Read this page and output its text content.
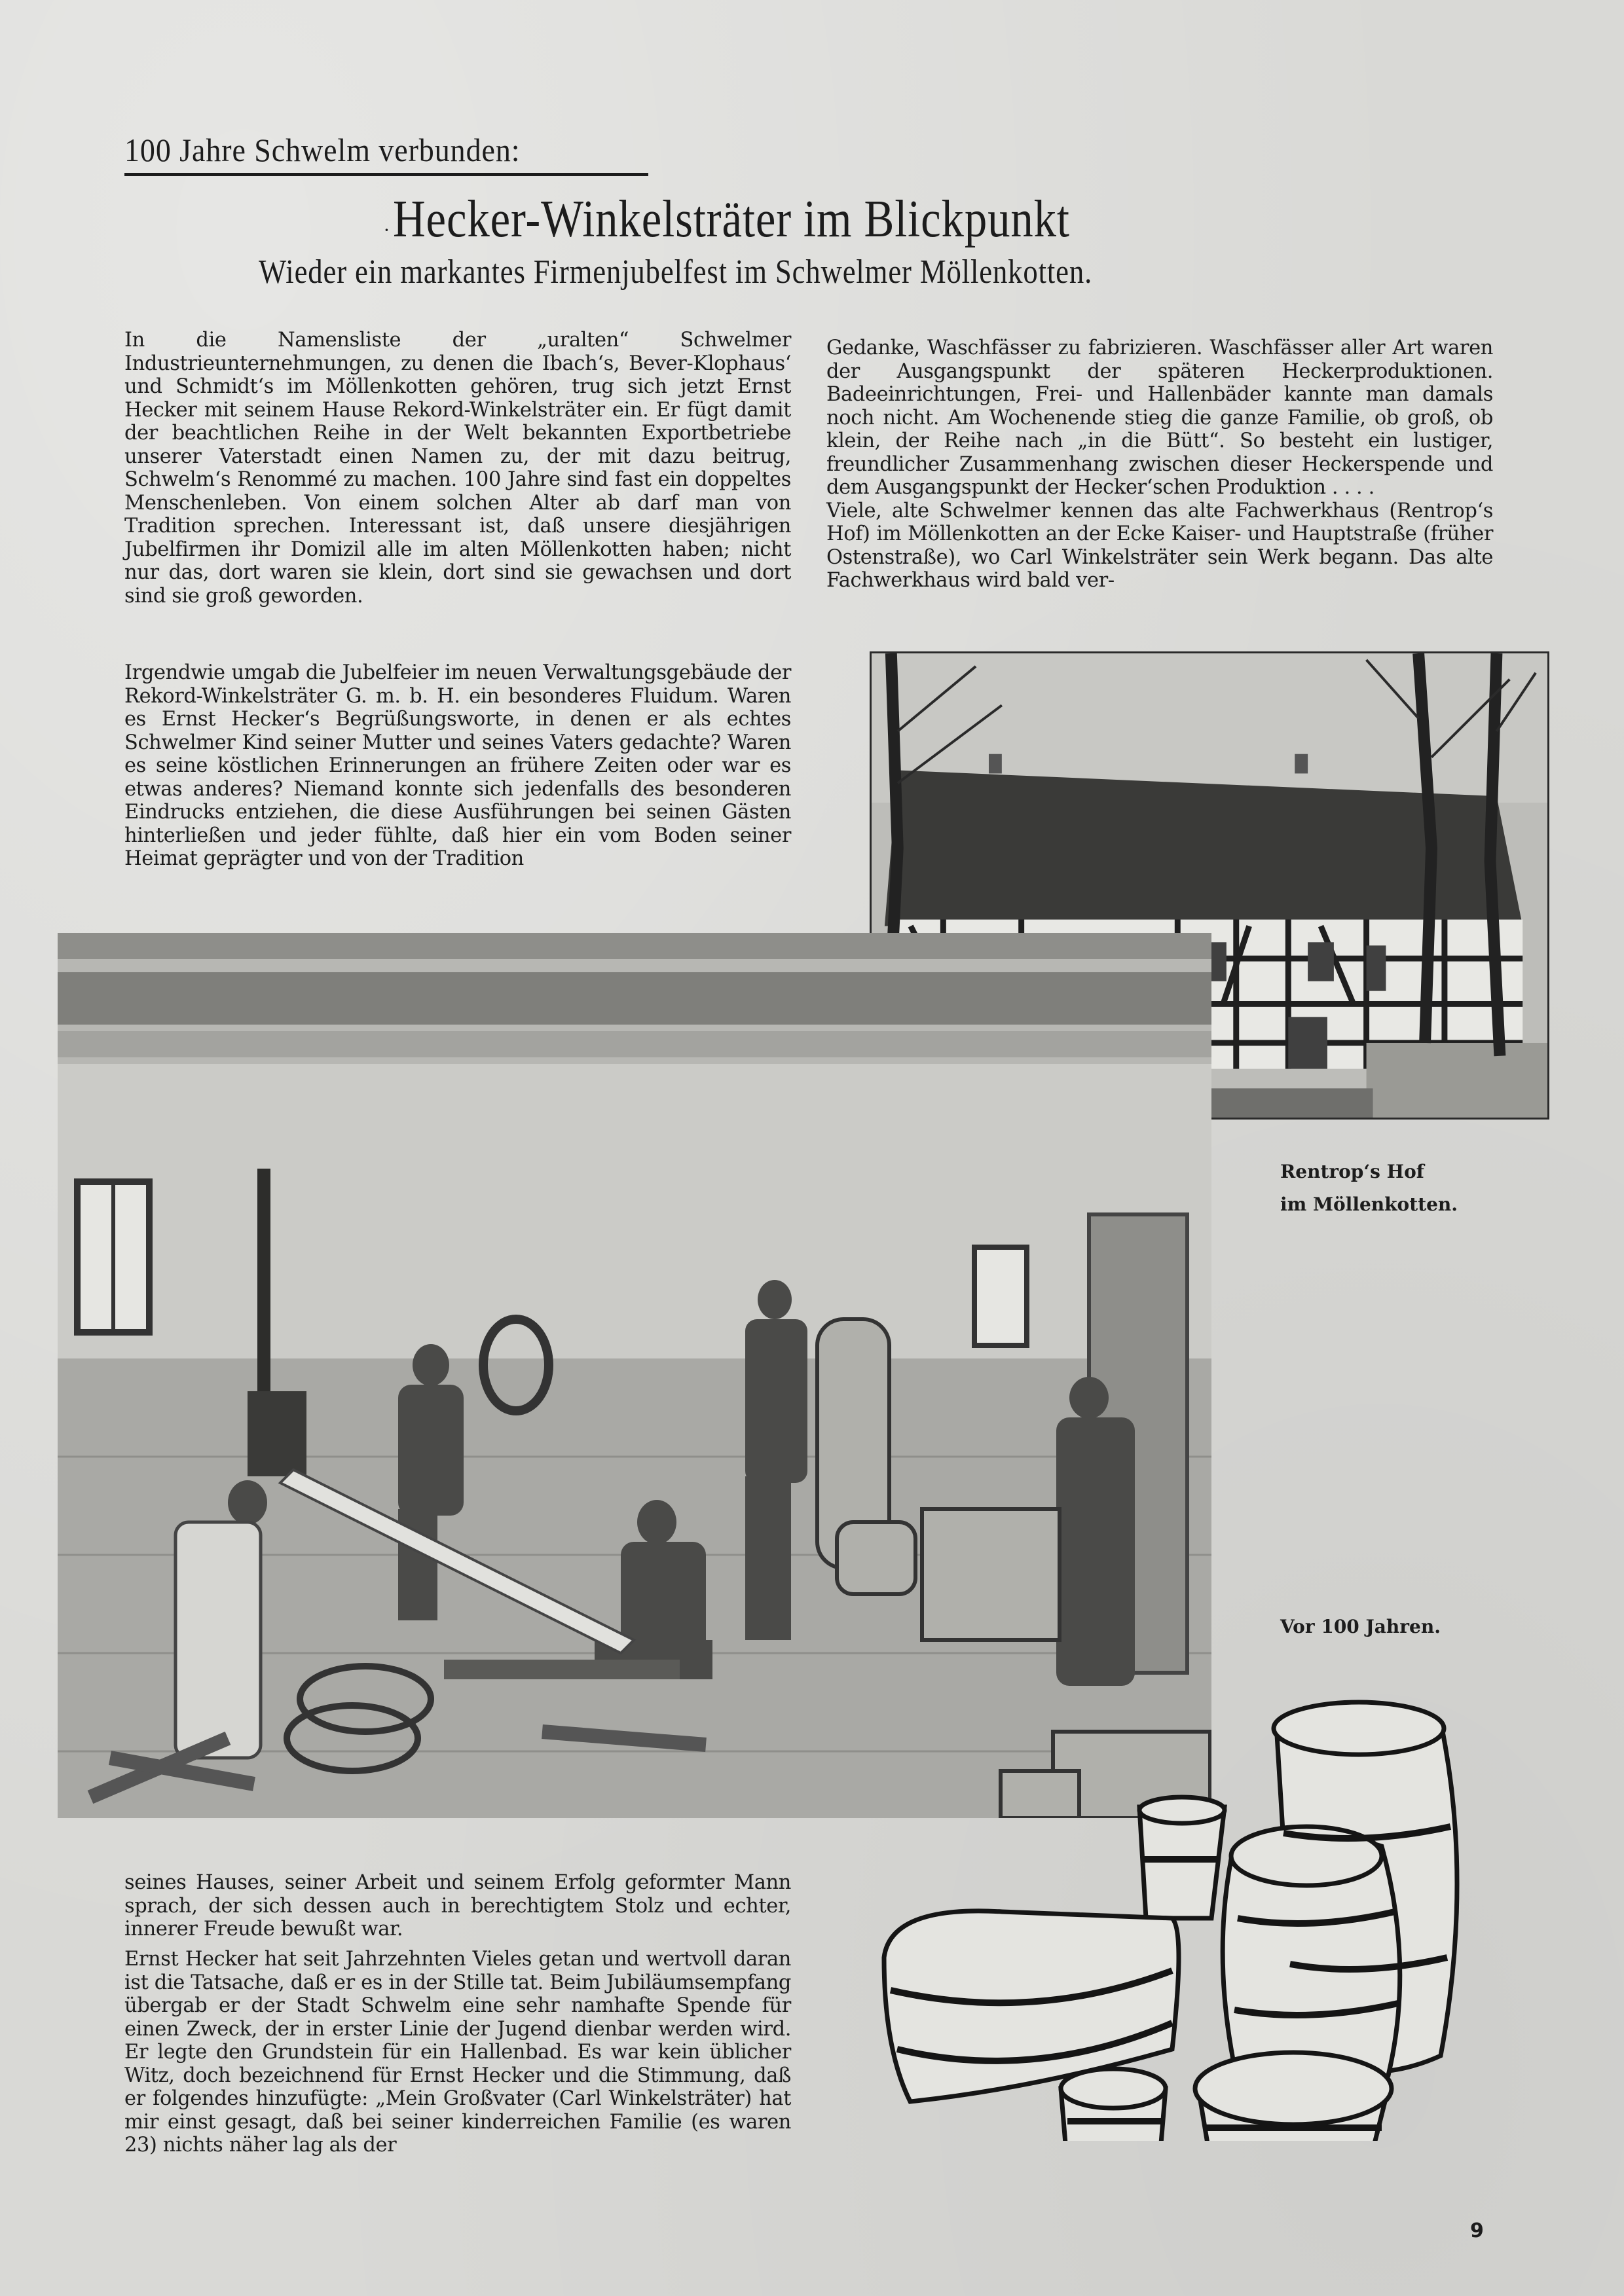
100 Jahre Schwelm verbunden:
· Hecker-Winkelsträter im Blickpunkt
Wieder ein markantes Firmenjubelfest im Schwelmer Möllenkotten.

In die Namensliste der „uralten“ Schwelmer Industrieunternehmungen, zu denen die Ibach‘s, Bever-Klophaus‘ und Schmidt‘s im Möllenkotten gehören, trug sich jetzt Ernst Hecker mit seinem Hause Rekord-Winkelsträter ein. Er fügt damit der beachtlichen Reihe in der Welt bekannten Exportbetriebe unserer Vaterstadt einen Namen zu, der mit dazu beitrug, Schwelm‘s Renommé zu machen. 100 Jahre sind fast ein doppeltes Menschenleben. Von einem solchen Alter ab darf man von Tradition sprechen. Interessant ist, daß unsere diesjährigen Jubelfirmen ihr Domizil alle im alten Möllenkotten haben; nicht nur das, dort waren sie klein, dort sind sie gewachsen und dort sind sie groß geworden.

Irgendwie umgab die Jubelfeier im neuen Verwaltungsgebäude der Rekord-Winkelsträter G. m. b. H. ein besonderes Fluidum. Waren es Ernst Hecker‘s Begrüßungsworte, in denen er als echtes Schwelmer Kind seiner Mutter und seines Vaters gedachte? Waren es seine köstlichen Erinnerungen an frühere Zeiten oder war es etwas anderes? Niemand konnte sich jedenfalls des besonderen Eindrucks entziehen, die diese Ausführungen bei seinen Gästen hinterließen und jeder fühlte, daß hier ein vom Boden seiner Heimat geprägter und von der Tradition

Gedanke, Waschfässer zu fabrizieren. Waschfässer aller Art waren der Ausgangspunkt der späteren Heckerproduktionen. Badeeinrichtungen, Frei- und Hallenbäder kannte man damals noch nicht. Am Wochenende stieg die ganze Familie, ob groß, ob klein, der Reihe nach „in die Bütt“. So besteht ein lustiger, freundlicher Zusammenhang zwischen dieser Heckerspende und dem Ausgangspunkt der Hecker‘schen Produktion . . . .

Viele, alte Schwelmer kennen das alte Fachwerkhaus (Rentrop‘s Hof) im Möllenkotten an der Ecke Kaiser- und Hauptstraße (früher Ostenstraße), wo Carl Winkelsträter sein Werk begann. Das alte Fachwerkhaus wird bald ver-

seines Hauses, seiner Arbeit und seinem Erfolg geformter Mann sprach, der sich dessen auch in berechtigtem Stolz und echter, innerer Freude bewußt war.

Ernst Hecker hat seit Jahrzehnten Vieles getan und wertvoll daran ist die Tatsache, daß er es in der Stille tat. Beim Jubiläumsempfang übergab er der Stadt Schwelm eine sehr namhafte Spende für einen Zweck, der in erster Linie der Jugend dienbar werden wird. Er legte den Grundstein für ein Hallenbad. Es war kein üblicher Witz, doch bezeichnend für Ernst Hecker und die Stimmung, daß er folgendes hinzufügte: „Mein Großvater (Carl Winkelsträter) hat mir einst gesagt, daß bei seiner kinderreichen Familie (es waren 23) nichts näher lag als der

Rentrop‘s Hof
im Möllenkotten.
Vor 100 Jahren.
9
